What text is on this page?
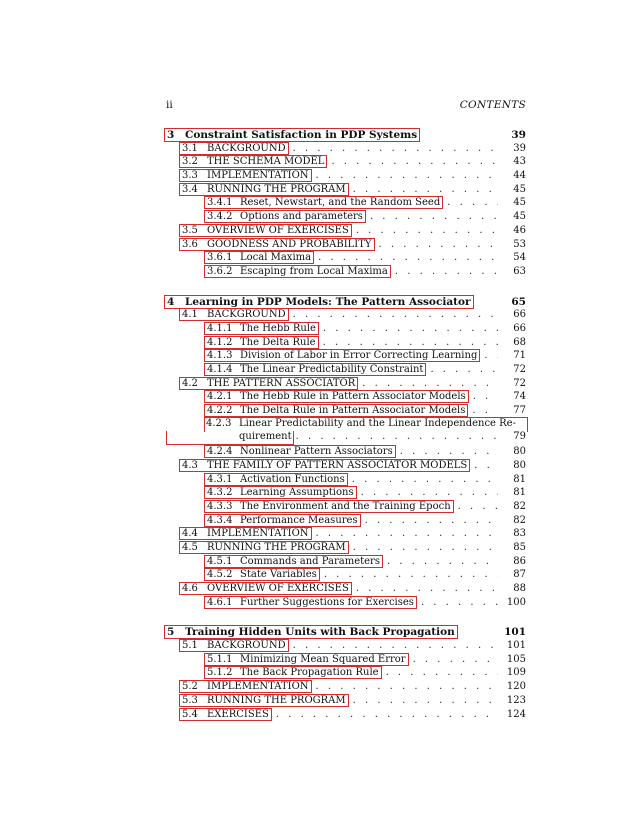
ii	CONTENTS
3 Constraint Satisfaction in PDP Systems	39
3.1 BACKGROUND . . .	39
3.2 THE SCHEMA MODEL . . .	43
3.3 IMPLEMENTATION . . .	44
3.4 RUNNING THE PROGRAM . . .	45
3.4.1 Reset, Newstart, and the Random Seed . . .	45
3.4.2 Options and parameters . . .	45
3.5 OVERVIEW OF EXERCISES . . .	46
3.6 GOODNESS AND PROBABILITY . . .	53
3.6.1 Local Maxima . . .	54
3.6.2 Escaping from Local Maxima . . .	63
4 Learning in PDP Models: The Pattern Associator	65
4.1 BACKGROUND . . .	66
4.1.1 The Hebb Rule . . .	66
4.1.2 The Delta Rule . . .	68
4.1.3 Division of Labor in Error Correcting Learning . . .	71
4.1.4 The Linear Predictability Constraint . . .	72
4.2 THE PATTERN ASSOCIATOR . . .	72
4.2.1 The Hebb Rule in Pattern Associator Models . . .	74
4.2.2 The Delta Rule in Pattern Associator Models . . .	77
4.2.3 Linear Predictability and the Linear Independence Re-
quirement . . .	79
4.2.4 Nonlinear Pattern Associators . . .	80
4.3 THE FAMILY OF PATTERN ASSOCIATOR MODELS . . .	80
4.3.1 Activation Functions . . .	81
4.3.2 Learning Assumptions . . .	81
4.3.3 The Environment and the Training Epoch . . .	82
4.3.4 Performance Measures . . .	82
4.4 IMPLEMENTATION . . .	83
4.5 RUNNING THE PROGRAM . . .	85
4.5.1 Commands and Parameters . . .	86
4.5.2 State Variables . . .	87
4.6 OVERVIEW OF EXERCISES . . .	88
4.6.1 Further Suggestions for Exercises . . .	100
5 Training Hidden Units with Back Propagation	101
5.1 BACKGROUND . . .	101
5.1.1 Minimizing Mean Squared Error . . .	105
5.1.2 The Back Propagation Rule . . .	109
5.2 IMPLEMENTATION . . .	120
5.3 RUNNING THE PROGRAM . . .	123
5.4 EXERCISES . . .	124
